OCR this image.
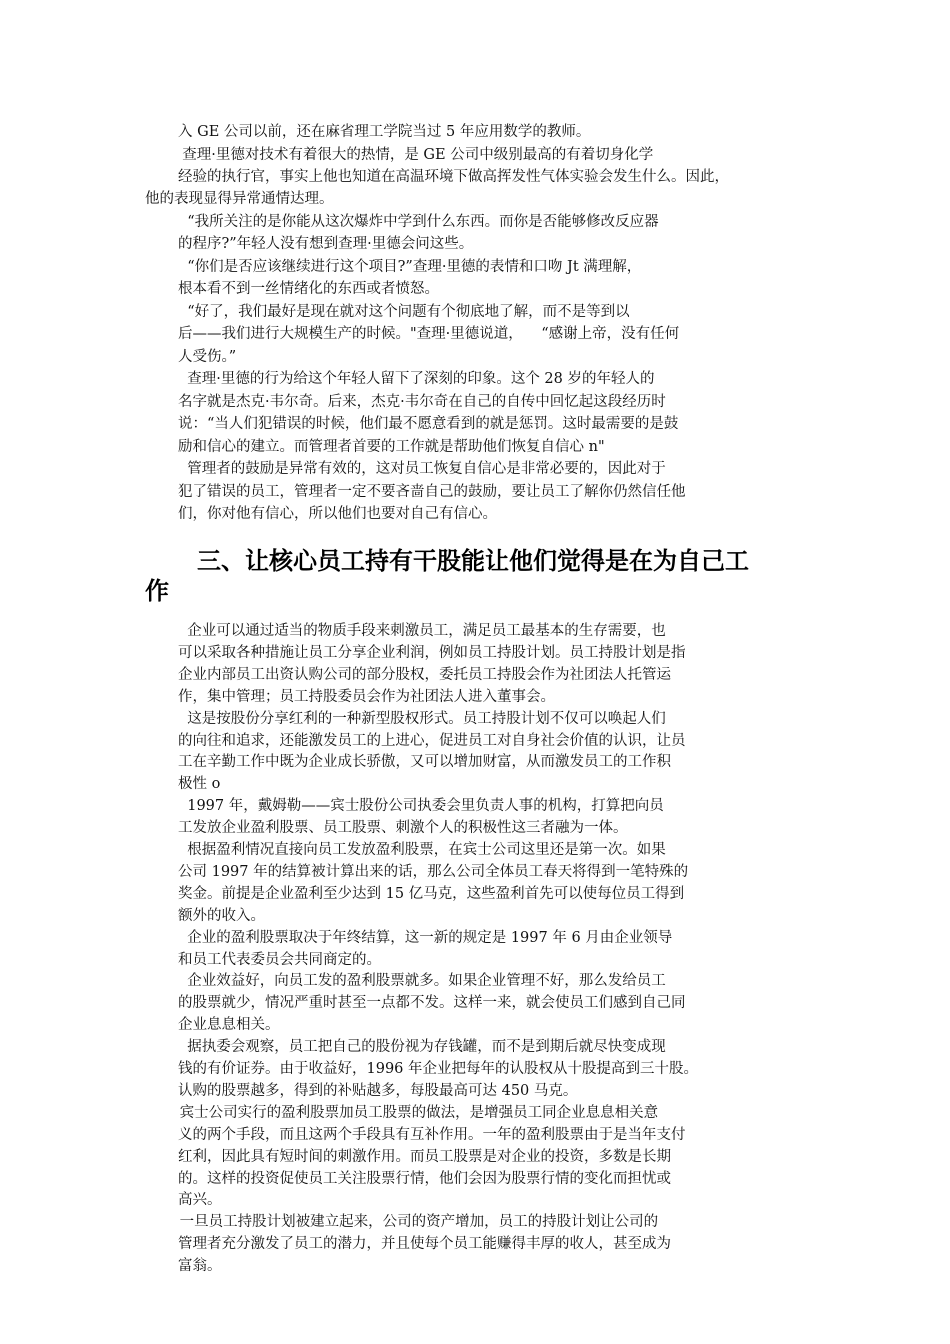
入 GE 公司以前，还在麻省理工学院当过 5 年应用数学的教师。
查理·里德对技术有着很大的热情，是 GE 公司中级别最高的有着切身化学
经验的执行官，事实上他也知道在高温环境下做高挥发性气体实验会发生什么。因此，
他的表现显得异常通情达理。
“我所关注的是你能从这次爆炸中学到什么东西。而你是否能够修改反应器
的程序?”年轻人没有想到查理·里德会问这些。
“你们是否应该继续进行这个项目?”查理·里德的表情和口吻 Jt 满理解，
根本看不到一丝情绪化的东西或者愤怒。
“好了，我们最好是现在就对这个问题有个彻底地了解，而不是等到以
后——我们进行大规模生产的时候。"查理·里德说道，    “感谢上帝，没有任何
人受伤。”
查理·里德的行为给这个年轻人留下了深刻的印象。这个 28 岁的年轻人的
名字就是杰克·韦尔奇。后来，杰克·韦尔奇在自己的自传中回忆起这段经历时
说：“当人们犯错误的时候，他们最不愿意看到的就是惩罚。这时最需要的是鼓
励和信心的建立。而管理者首要的工作就是帮助他们恢复自信心 n"
管理者的鼓励是异常有效的，这对员工恢复自信心是非常必要的，因此对于
犯了错误的员工，管理者一定不要吝啬自己的鼓励，要让员工了解你仍然信任他
们，你对他有信心，所以他们也要对自己有信心。
三、让核心员工持有干股能让他们觉得是在为自己工
作
企业可以通过适当的物质手段来刺激员工，满足员工最基本的生存需要，也
可以采取各种措施让员工分享企业利润，例如员工持股计划。员工持股计划是指
企业内部员工出资认购公司的部分股权，委托员工持股会作为社团法人托管运
作，集中管理；员工持股委员会作为社团法人进入董事会。
这是按股份分享红利的一种新型股权形式。员工持股计划不仅可以唤起人们
的向往和追求，还能激发员工的上进心，促进员工对自身社会价值的认识，让员
工在辛勤工作中既为企业成长骄傲，又可以增加财富，从而激发员工的工作积
极性 o
1997 年，戴姆勒——宾士股份公司执委会里负责人事的机构，打算把向员
工发放企业盈利股票、员工股票、刺激个人的积极性这三者融为一体。
根据盈利情况直接向员工发放盈利股票，在宾士公司这里还是第一次。如果
公司 1997 年的结算被计算出来的话，那么公司全体员工春天将得到一笔特殊的
奖金。前提是企业盈利至少达到 15 亿马克，这些盈利首先可以使每位员工得到
额外的收入。
企业的盈利股票取决于年终结算，这一新的规定是 1997 年 6 月由企业领导
和员工代表委员会共同商定的。
企业效益好，向员工发的盈利股票就多。如果企业管理不好，那么发给员工
的股票就少，情况严重时甚至一点都不发。这样一来，就会使员工们感到自己同
企业息息相关。
据执委会观察，员工把自己的股份视为存钱罐，而不是到期后就尽快变成现
钱的有价证券。由于收益好，1996 年企业把每年的认股权从十股提高到三十股。
认购的股票越多，得到的补贴越多，每股最高可达 450 马克。
宾士公司实行的盈利股票加员工股票的做法，是增强员工同企业息息相关意
义的两个手段，而且这两个手段具有互补作用。一年的盈利股票由于是当年支付
红利，因此具有短时间的刺激作用。而员工股票是对企业的投资，多数是长期
的。这样的投资促使员工关注股票行情，他们会因为股票行情的变化而担忧或
高兴。
一旦员工持股计划被建立起来，公司的资产增加，员工的持股计划让公司的
管理者充分激发了员工的潜力，并且使每个员工能赚得丰厚的收人，甚至成为
富翁。
